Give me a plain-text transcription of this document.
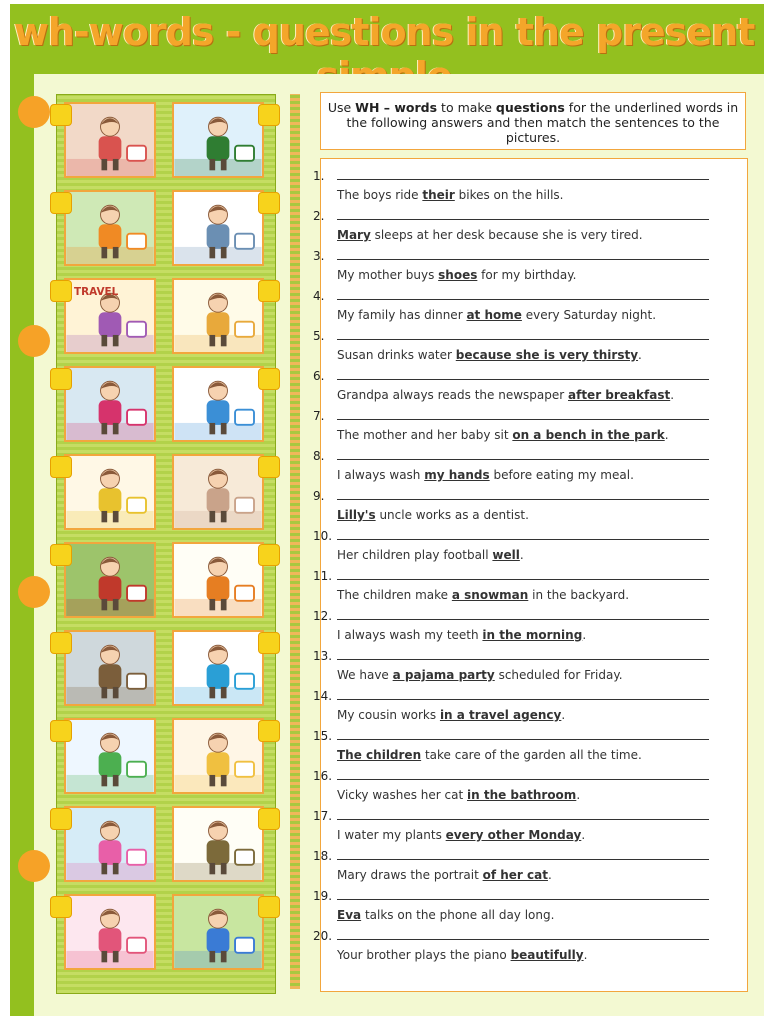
wh-words - questions in the present
TRAVEL
Use WH – words to make questions for the underlined words in the following answers and then match the sentences to the pictures.
1.
The boys ride their bikes on the hills.
2.
Mary sleeps at her desk because she is very tired.
3.
My mother buys shoes for my birthday.
4.
My family has dinner at home every Saturday night.
5.
Susan drinks water because she is very thirsty.
6.
Grandpa always reads the newspaper after breakfast.
7.
The mother and her baby sit on a bench in the park.
8.
I always wash my hands before eating my meal.
9.
Lilly's uncle works as a dentist.
10.
Her children play football well.
11.
The children make a snowman in the backyard.
12.
I always wash my teeth in the morning.
13.
We have a pajama party scheduled for Friday.
14.
My cousin works in a travel agency.
15.
The children take care of the garden all the time.
16.
Vicky washes her cat in the bathroom.
17.
I water my plants every other Monday.
18.
Mary draws the portrait of her cat.
19.
Eva talks on the phone all day long.
20.
Your brother plays the piano beautifully.
